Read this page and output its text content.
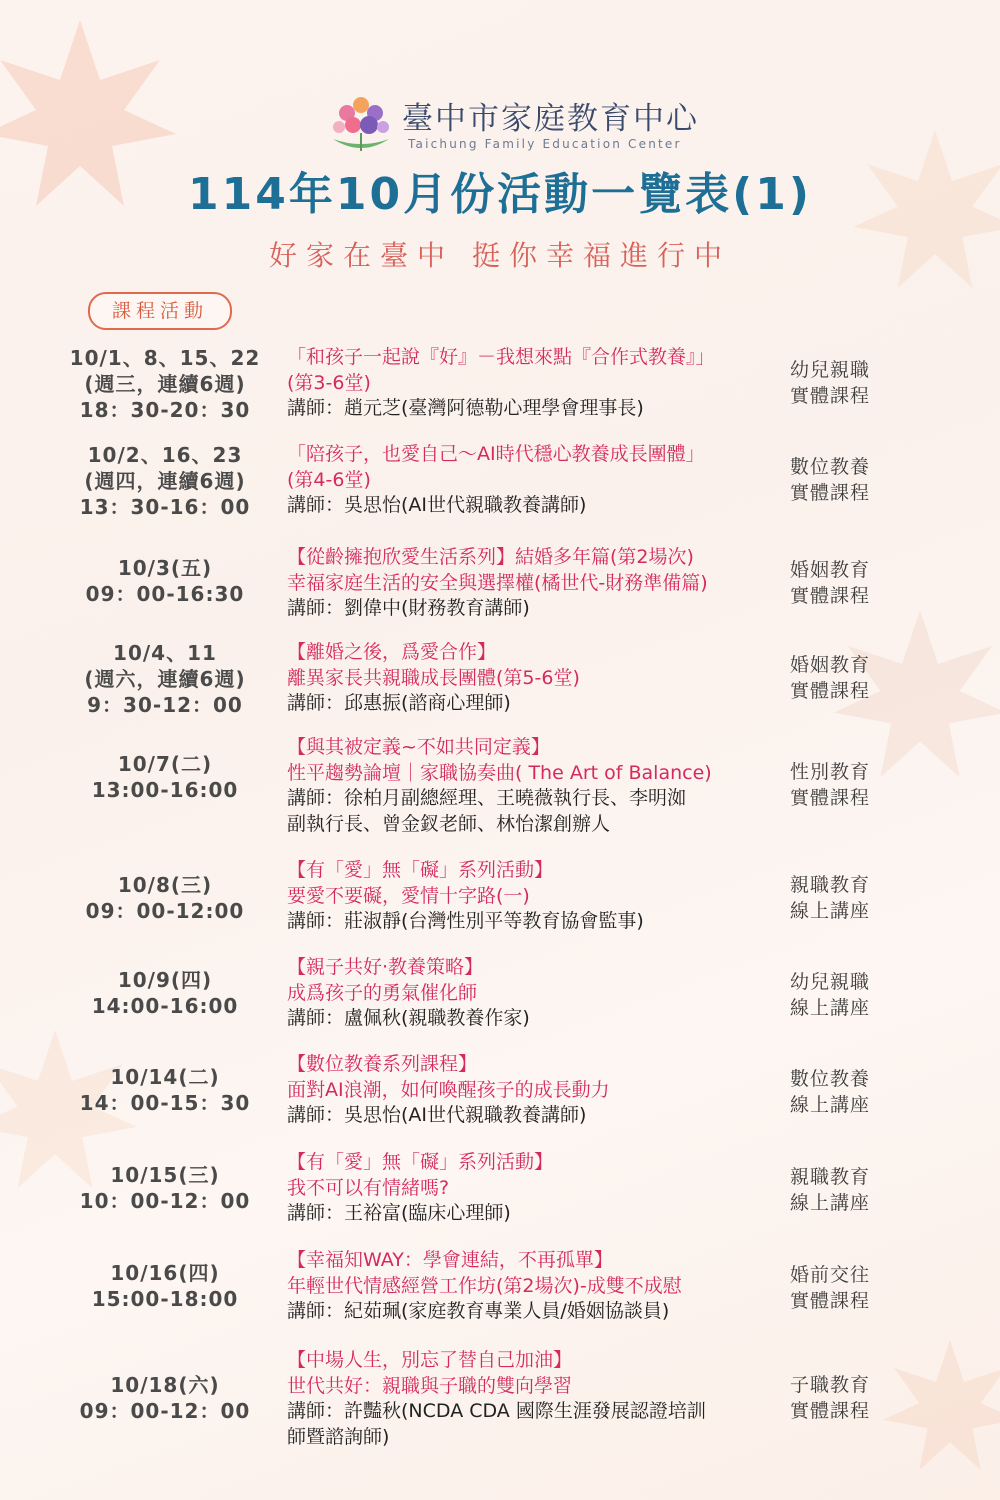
臺中市家庭教育中心
Taichung Family Education Center
114年10月份活動一覽表(1)
好家在臺中 挺你幸福進行中
課程活動
10/1、8、15、22
(週三，連續6週)
18：30-20：30
「和孩子一起說『好』－我想來點『合作式教養』」
(第3-6堂)
講師：趙元芝(臺灣阿德勒心理學會理事長)
幼兒親職
實體課程
10/2、16、23
(週四，連續6週)
13：30-16：00
「陪孩子，也愛自己～AI時代穩心教養成長團體」
(第4-6堂)
講師：吳思怡(AI世代親職教養講師)
數位教養
實體課程
10/3(五)
09：00-16:30
【從齡擁抱欣愛生活系列】結婚多年篇(第2場次)
幸福家庭生活的安全與選擇權(橘世代-財務準備篇)
講師：劉偉中(財務教育講師)
婚姻教育
實體課程
10/4、11
(週六，連續6週)
9：30-12：00
【離婚之後，爲愛合作】
離異家長共親職成長團體(第5-6堂)
講師：邱惠振(諮商心理師)
婚姻教育
實體課程
10/7(二)
13:00-16:00
【與其被定義~不如共同定義】
性平趨勢論壇｜家職協奏曲( The Art of Balance)
講師：徐柏月副總經理、王曉薇執行長、李明洳
副執行長、曾金釵老師、林怡潔創辦人
性別教育
實體課程
10/8(三)
09：00-12:00
【有「愛」無「礙」系列活動】
要愛不要礙，愛情十字路(一)
講師：莊淑靜(台灣性別平等教育協會監事)
親職教育
線上講座
10/9(四)
14:00-16:00
【親子共好‧教養策略】
成爲孩子的勇氣催化師
講師：盧佩秋(親職教養作家)
幼兒親職
線上講座
10/14(二)
14：00-15：30
【數位教養系列課程】
面對AI浪潮，如何喚醒孩子的成長動力
講師：吳思怡(AI世代親職教養講師)
數位教養
線上講座
10/15(三)
10：00-12：00
【有「愛」無「礙」系列活動】
我不可以有情緒嗎?
講師：王裕富(臨床心理師)
親職教育
線上講座
10/16(四)
15:00-18:00
【幸福知WAY：學會連結，不再孤單】
年輕世代情感經營工作坊(第2場次)-成雙不成慰
講師：紀茹珮(家庭教育專業人員/婚姻協談員)
婚前交往
實體課程
10/18(六)
09：00-12：00
【中場人生，別忘了替自己加油】
世代共好：親職與子職的雙向學習
講師：許豔秋(NCDA CDA 國際生涯發展認證培訓
師暨諮詢師)
子職教育
實體課程
